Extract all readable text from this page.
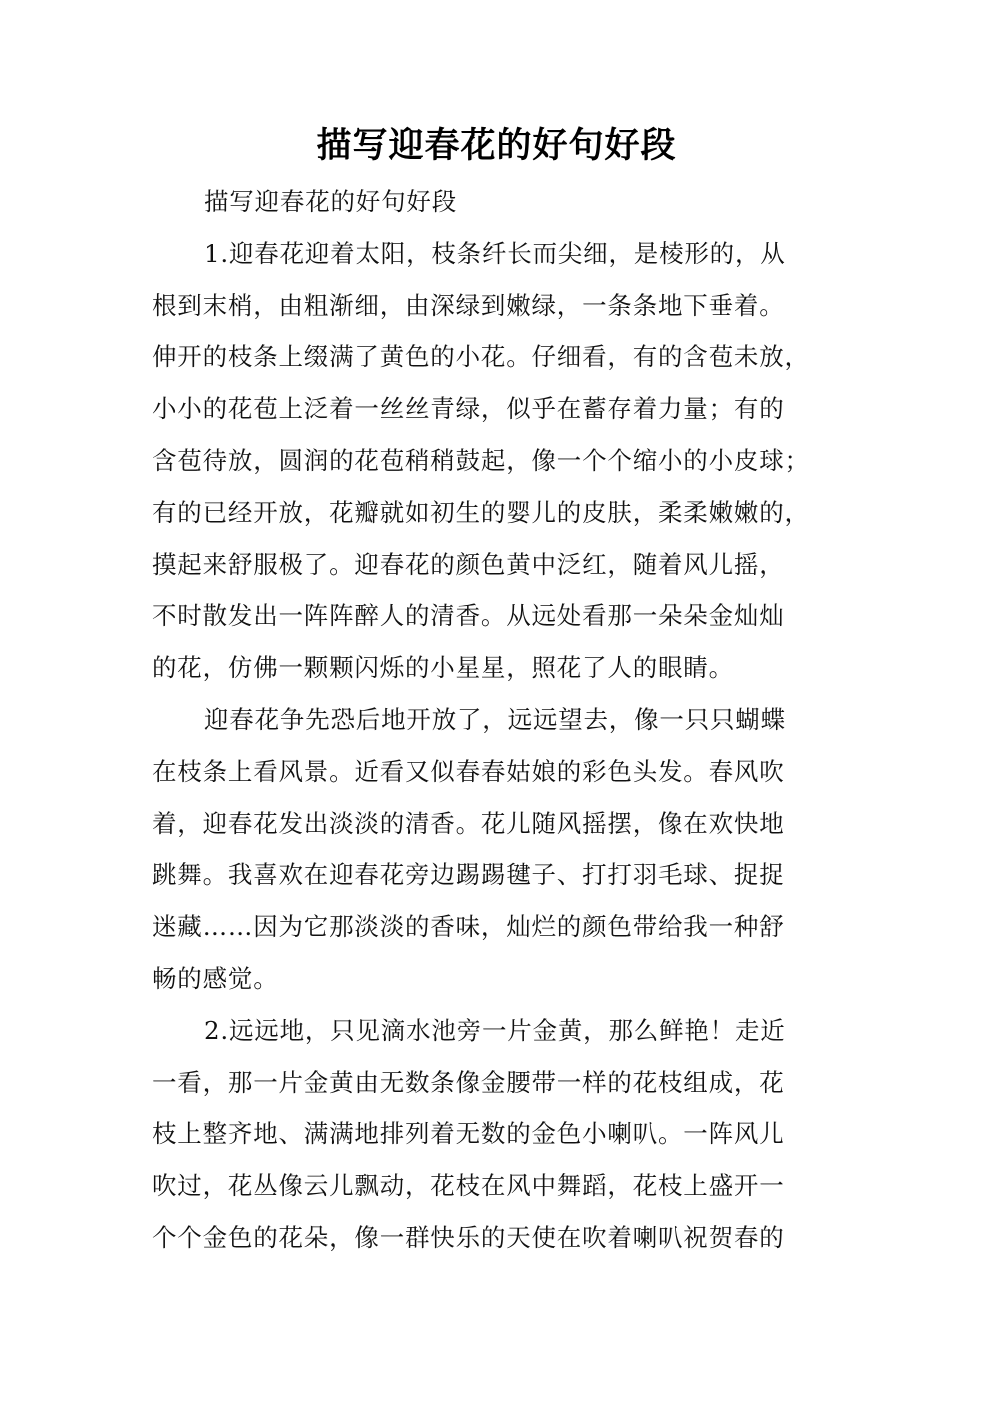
描写迎春花的好句好段
描写迎春花的好句好段
1.迎春花迎着太阳，枝条纤长而尖细，是棱形的，从
根到末梢，由粗渐细，由深绿到嫩绿，一条条地下垂着。
伸开的枝条上缀满了黄色的小花。仔细看，有的含苞未放，
小小的花苞上泛着一丝丝青绿，似乎在蓄存着力量；有的
含苞待放，圆润的花苞稍稍鼓起，像一个个缩小的小皮球；
有的已经开放，花瓣就如初生的婴儿的皮肤，柔柔嫩嫩的，
摸起来舒服极了。迎春花的颜色黄中泛红，随着风儿摇，
不时散发出一阵阵醉人的清香。从远处看那一朵朵金灿灿
的花，仿佛一颗颗闪烁的小星星，照花了人的眼睛。
迎春花争先恐后地开放了，远远望去，像一只只蝴蝶
在枝条上看风景。近看又似春春姑娘的彩色头发。春风吹
着，迎春花发出淡淡的清香。花儿随风摇摆，像在欢快地
跳舞。我喜欢在迎春花旁边踢踢毽子、打打羽毛球、捉捉
迷藏……因为它那淡淡的香味，灿烂的颜色带给我一种舒
畅的感觉。
2.远远地，只见滴水池旁一片金黄，那么鲜艳！走近
一看，那一片金黄由无数条像金腰带一样的花枝组成，花
枝上整齐地、满满地排列着无数的金色小喇叭。一阵风儿
吹过，花丛像云儿飘动，花枝在风中舞蹈，花枝上盛开一
个个金色的花朵，像一群快乐的天使在吹着喇叭祝贺春的
